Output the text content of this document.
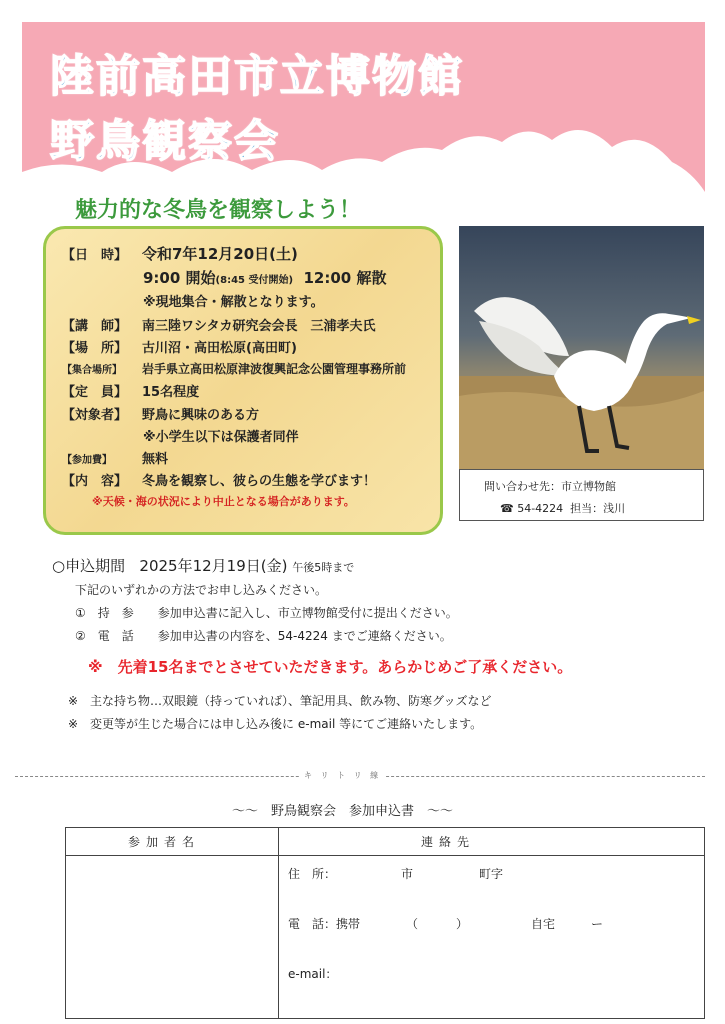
陸前高田市立博物館
野鳥観察会
魅力的な冬鳥を観察しよう！
【日　時】 令和7年12月20日(土)
9:00 開始(8:45 受付開始) 12:00 解散
※現地集合・解散となります。
【講　師】 南三陸ワシタカ研究会会長　三浦孝夫氏
【場　所】 古川沼・高田松原(高田町)
【集合場所】 岩手県立高田松原津波復興記念公園管理事務所前
【定　員】 15名程度
【対象者】 野鳥に興味のある方
※小学生以下は保護者同伴
【参加費】 無料
【内　容】 冬鳥を観察し、彼らの生態を学びます！
※天候・海の状況により中止となる場合があります。
問い合わせ先：市立博物館
☎ 54-4224 担当：浅川
○申込期間 2025年12月19日(金) 午後5時まで
下記のいずれかの方法でお申し込みください。
①　持　参　　参加申込書に記入し、市立博物館受付に提出ください。
②　電　話　　参加申込書の内容を、54-4224 までご連絡ください。
※　先着15名までとさせていただきます。あらかじめご了承ください。
※　主な持ち物…双眼鏡（持っていれば）、筆記用具、飲み物、防寒グッズなど
※　変更等が生じた場合には申し込み後に e-mail 等にてご連絡いたします。
キ リ ト リ 線
～～　野鳥観察会　参加申込書　～～
参加者名	連絡先
住　所：	市	町字
電　話：携帯	（	）	自宅	ー
e-mail：
